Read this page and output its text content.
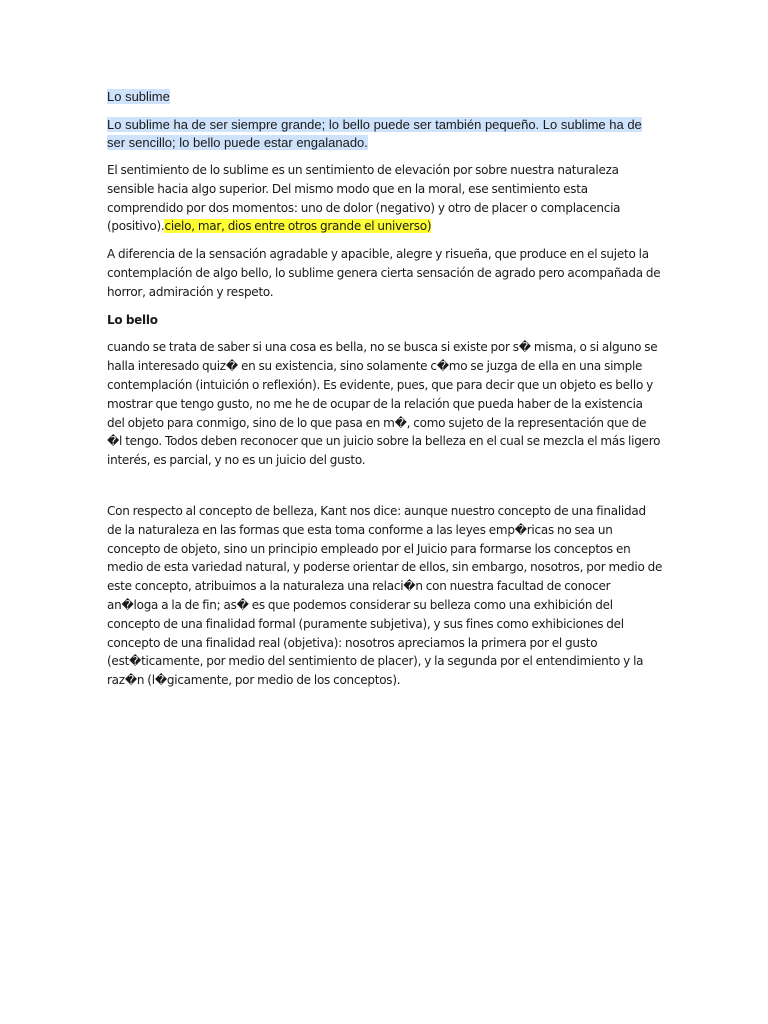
Lo sublime

Lo sublime ha de ser siempre grande; lo bello puede ser también pequeño. Lo sublime ha de ser sencillo; lo bello puede estar engalanado.

El sentimiento de lo sublime es un sentimiento de elevación por sobre nuestra naturaleza sensible hacia algo superior. Del mismo modo que en la moral, ese sentimiento esta comprendido por dos momentos: uno de dolor (negativo) y otro de placer o complacencia (positivo).cielo, mar, dios entre otros grande el universo)

A diferencia de la sensación agradable y apacible, alegre y risueña, que produce en el sujeto la contemplación de algo bello, lo sublime genera cierta sensación de agrado pero acompañada de horror, admiración y respeto.

Lo bello

cuando se trata de saber si una cosa es bella, no se busca si existe por s� misma, o si alguno se halla interesado quiz� en su existencia, sino solamente c�mo se juzga de ella en una simple contemplación (intuición o reflexión). Es evidente, pues, que para decir que un objeto es bello y mostrar que tengo gusto, no me he de ocupar de la relación que pueda haber de la existencia del objeto para conmigo, sino de lo que pasa en m�, como sujeto de la representación que de �l tengo. Todos deben reconocer que un juicio sobre la belleza en el cual se mezcla el más ligero interés, es parcial, y no es un juicio del gusto.

Con respecto al concepto de belleza, Kant nos dice: aunque nuestro concepto de una finalidad de la naturaleza en las formas que esta toma conforme a las leyes emp�ricas no sea un concepto de objeto, sino un principio empleado por el Juicio para formarse los conceptos en medio de esta variedad natural, y poderse orientar de ellos, sin embargo, nosotros, por medio de este concepto, atribuimos a la naturaleza una relaci�n con nuestra facultad de conocer an�loga a la de fin; as� es que podemos considerar su belleza como una exhibición del concepto de una finalidad formal (puramente subjetiva), y sus fines como exhibiciones del concepto de una finalidad real (objetiva): nosotros apreciamos la primera por el gusto (est�ticamente, por medio del sentimiento de placer), y la segunda por el entendimiento y la raz�n (l�gicamente, por medio de los conceptos).
